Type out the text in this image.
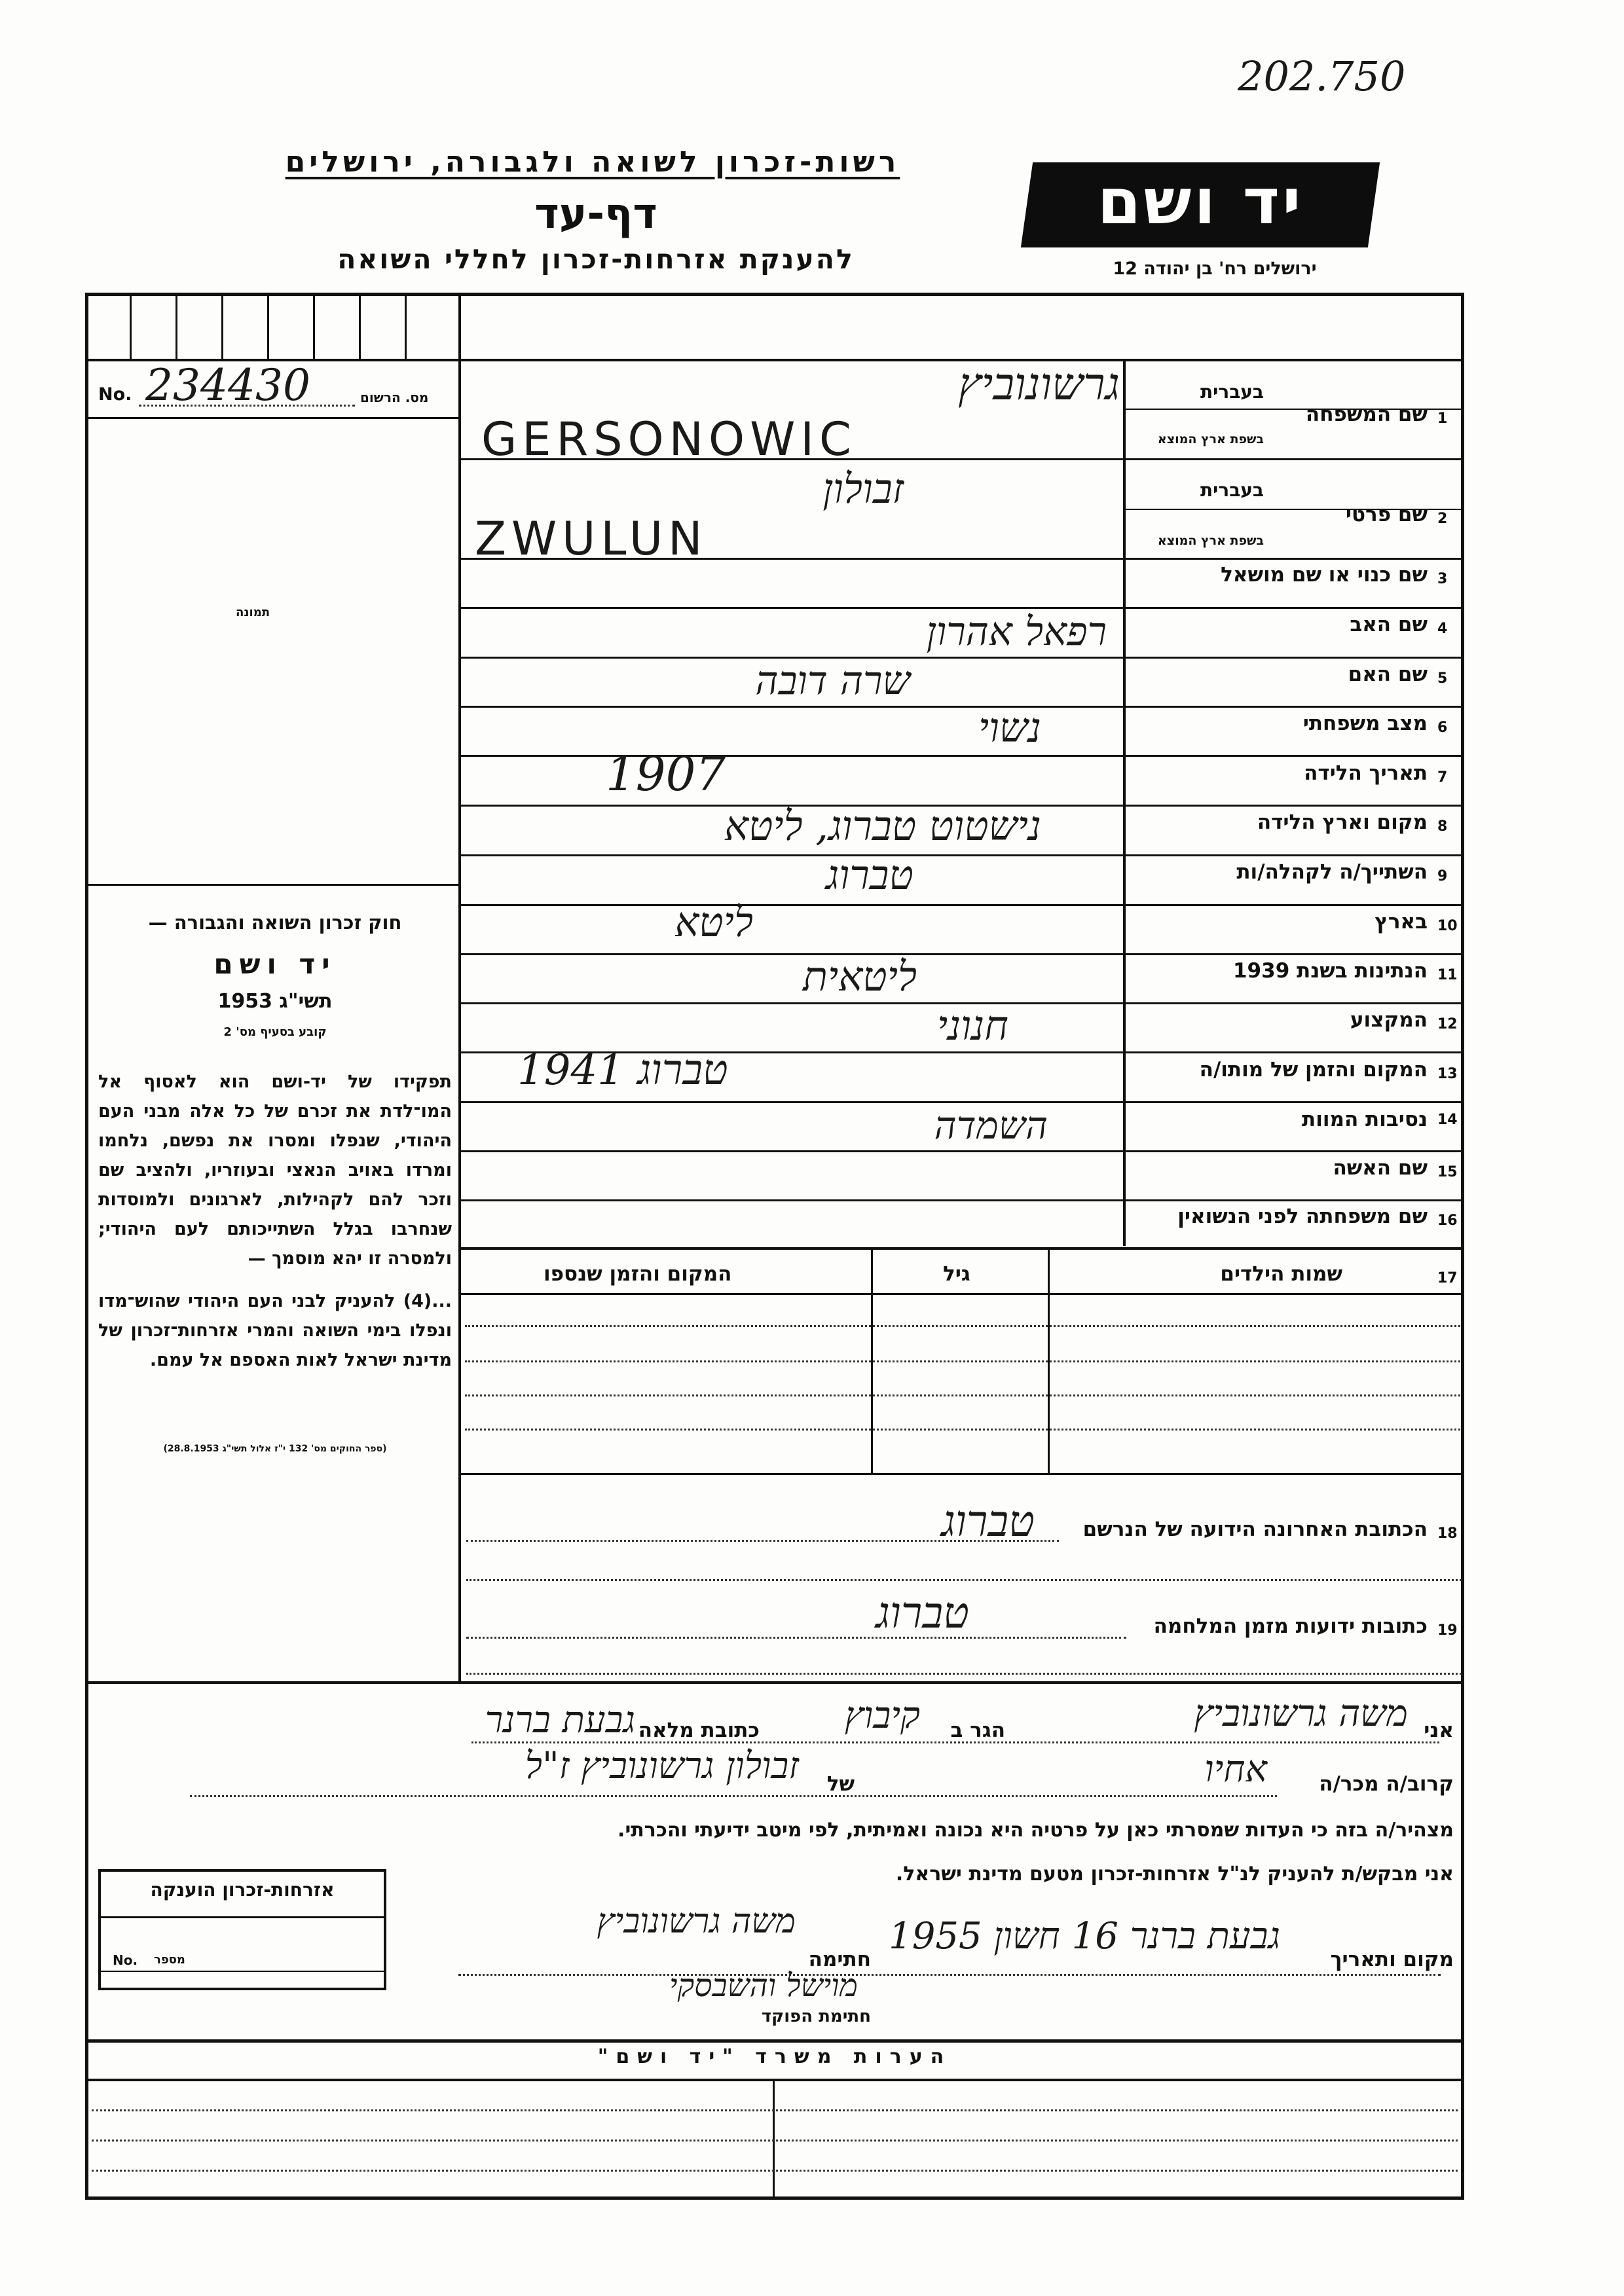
202.750
רשות-זכרון לשואה ולגבורה, ירושלים
דף-עד
להענקת אזרחות-זכרון לחללי השואה
יד ושם
ירושלים רח' בן יהודה 12
No. 234430	מס. הרשום
תמונה
חוק זכרון השואה והגבורה —
יד ושם
תשי"ג 1953
קובע בסעיף מס' 2
תפקידו של יד-ושם הוא לאסוף אל המו־לדת את זכרם של כל אלה מבני העם היהודי, שנפלו ומסרו את נפשם, נלחמו ומרדו באויב הנאצי ובעוזריו, ולהציב שם וזכר להם לקהילות, לארגונים ולמוסדות שנחרבו בגלל השתייכותם לעם היהודי; ולמסרה זו יהא מוסמך —
...(4) להעניק לבני העם היהודי שהוש־מדו ונפלו בימי השואה והמרי אזרחות־זכרון של מדינת ישראל לאות האספם אל עמם.
(ספר החוקים מס' 132 י"ז אלול תשי"ג 28.8.1953)
1
שם המשפחה
בעברית
בשפת ארץ המוצא
גרשונוביץ
GERSONOWIC
2
שם פרטי
בעברית
בשפת ארץ המוצא
זבולון
ZWULUN
3
שם כנוי או שם מושאל
4
שם האב
רפאל אהרון
5
שם האם
שרה דובה
6
מצב משפחתי
נשוי
7
תאריך הלידה
1907
8
מקום וארץ הלידה
נישטוט טברוג, ליטא
9
השתייך/ה לקהלה/ות
טברוג
10
בארץ
ליטא
11
הנתינות בשנת 1939
ליטאית
12
המקצוע
חנוני
13
המקום והזמן של מותו/ה
טברוג 1941
14
נסיבות המוות
השמדה
15
שם האשה
16
שם משפחתה לפני הנשואין
17
שמות הילדים
גיל
המקום והזמן שנספו
18
הכתובת האחרונה הידועה של הנרשם
טברוג
19
כתובות ידועות מזמן המלחמה
טברוג
אני
משה גרשונוביץ
הגר ב
קיבוץ
כתובת מלאה
גבעת ברנר
קרוב/ה מכר/ה
אחיו
של
זבולון גרשונוביץ ז"ל
מצהיר/ה בזה כי העדות שמסרתי כאן על פרטיה היא נכונה ואמיתית, לפי מיטב ידיעתי והכרתי.
אני מבקש/ת להעניק לנ"ל אזרחות-זכרון מטעם מדינת ישראל.
אזרחות-זכרון הוענקה
No. מספר	מקום ותאריך
גבעת ברנר 16 חשון 1955
חתימה
משה גרשונוביץ
מוישל והשבסקי
חתימת הפוקד
הערות משרד "יד ושם"
